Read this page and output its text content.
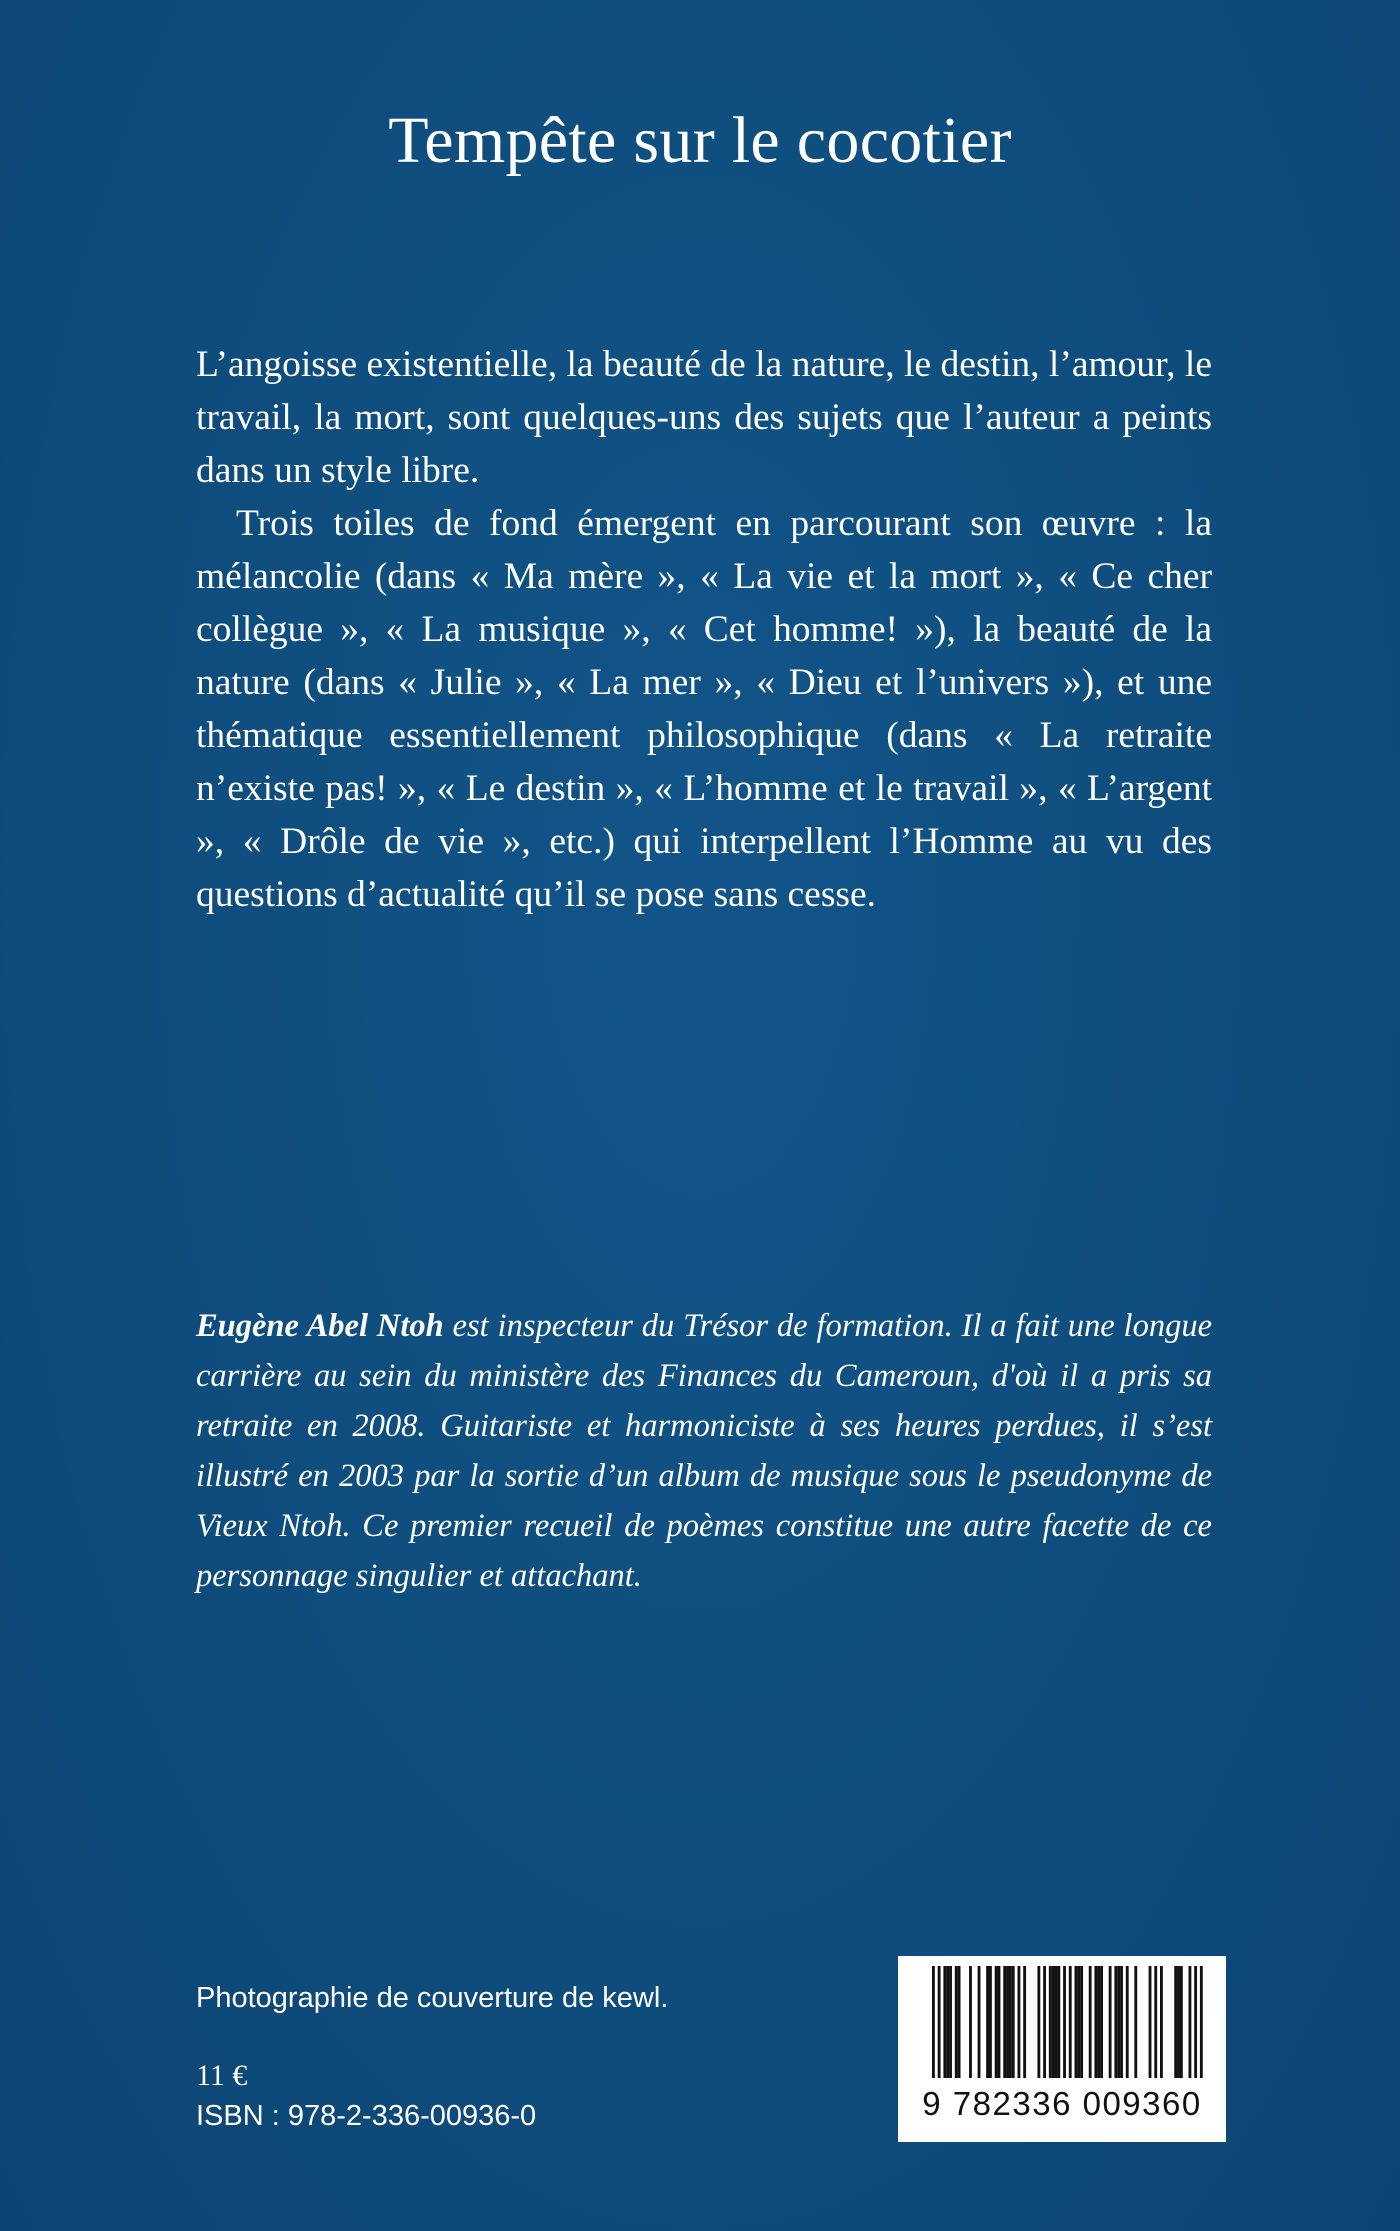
Tempête sur le cocotier

L’angoisse existentielle, la beauté de la nature, le destin, l’amour, le travail, la mort, sont quelques-uns des sujets que l’auteur a peints dans un style libre.

Trois toiles de fond émergent en parcourant son œuvre : la mélancolie (dans « Ma mère », « La vie et la mort », « Ce cher collègue », « La musique », « Cet homme! »), la beauté de la nature (dans « Julie », « La mer », « Dieu et l’univers »), et une thématique essentiellement philosophique (dans « La retraite n’existe pas! », « Le destin », « L’homme et le travail », « L’argent », « Drôle de vie », etc.) qui interpellent l’Homme au vu des questions d’actualité qu’il se pose sans cesse.

Eugène Abel Ntoh est inspecteur du Trésor de formation. Il a fait une longue carrière au sein du ministère des Finances du Cameroun, d'où il a pris sa retraite en 2008. Guitariste et harmoniciste à ses heures perdues, il s’est illustré en 2003 par la sortie d’un album de musique sous le pseudonyme de Vieux Ntoh. Ce premier recueil de poèmes constitue une autre facette de ce personnage singulier et attachant.

Photographie de couverture de kewl.
11 €
ISBN : 978-2-336-00936-0	9 782336 009360
